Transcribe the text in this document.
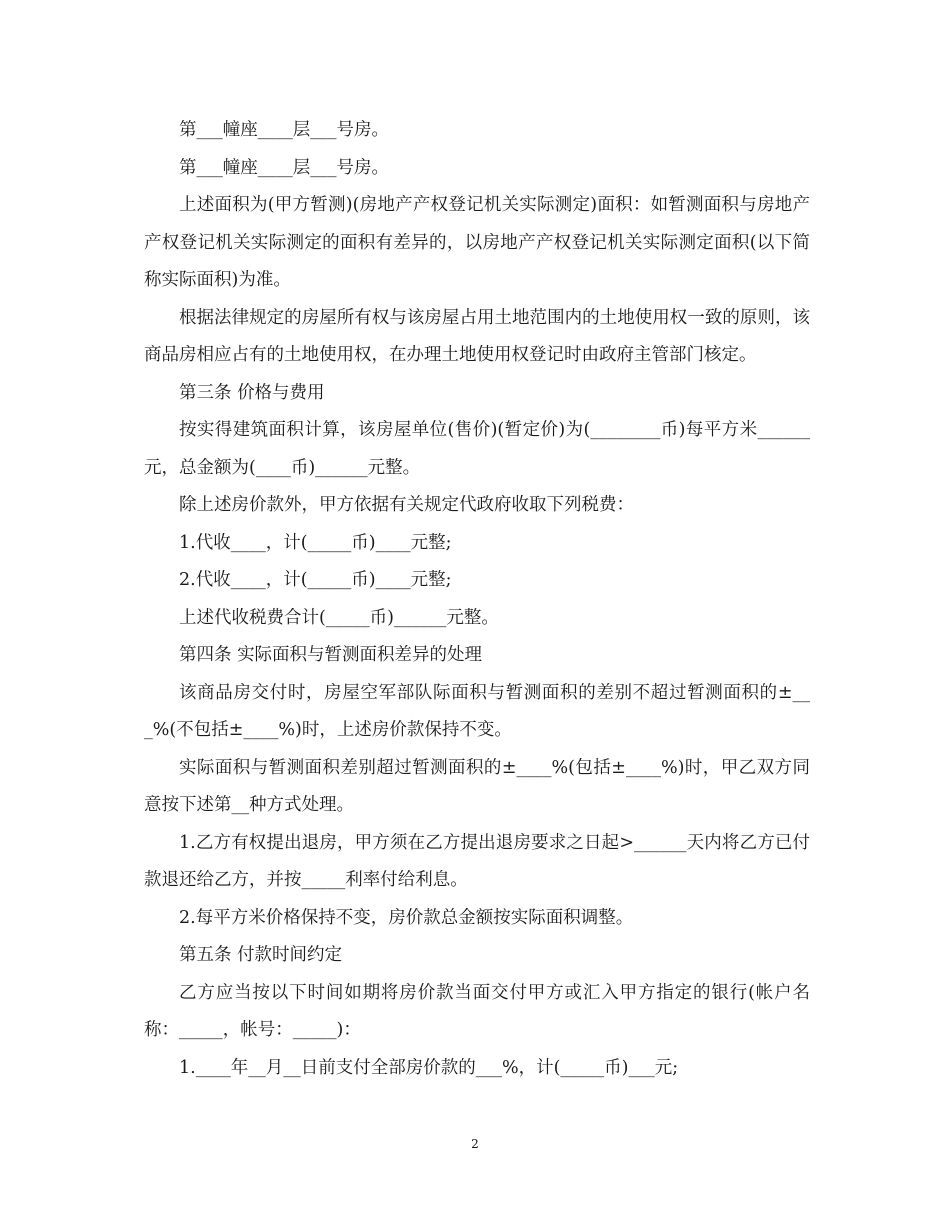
第___幢座____层___号房。

第___幢座____层___号房。

上述面积为(甲方暂测)(房地产产权登记机关实际测定)面积：如暂测面积与房地产产权登记机关实际测定的面积有差异的，以房地产产权登记机关实际测定面积(以下简称实际面积)为准。

根据法律规定的房屋所有权与该房屋占用土地范围内的土地使用权一致的原则，该商品房相应占有的土地使用权，在办理土地使用权登记时由政府主管部门核定。

第三条 价格与费用

按实得建筑面积计算，该房屋单位(售价)(暂定价)为(________币)每平方米______元，总金额为(____币)______元整。

除上述房价款外，甲方依据有关规定代政府收取下列税费：

1.代收____，计(_____币)____元整;

2.代收____，计(_____币)____元整;

上述代收税费合计(_____币)______元整。

第四条 实际面积与暂测面积差异的处理

该商品房交付时，房屋空军部队际面积与暂测面积的差别不超过暂测面积的±___%(不包括±____%)时，上述房价款保持不变。

实际面积与暂测面积差别超过暂测面积的±____%(包括±____%)时，甲乙双方同意按下述第__种方式处理。

1.乙方有权提出退房，甲方须在乙方提出退房要求之日起>______天内将乙方已付款退还给乙方，并按_____利率付给利息。

2.每平方米价格保持不变，房价款总金额按实际面积调整。

第五条 付款时间约定

乙方应当按以下时间如期将房价款当面交付甲方或汇入甲方指定的银行(帐户名称：_____，帐号：_____)：

1.____年__月__日前支付全部房价款的___%，计(_____币)___元;

2
